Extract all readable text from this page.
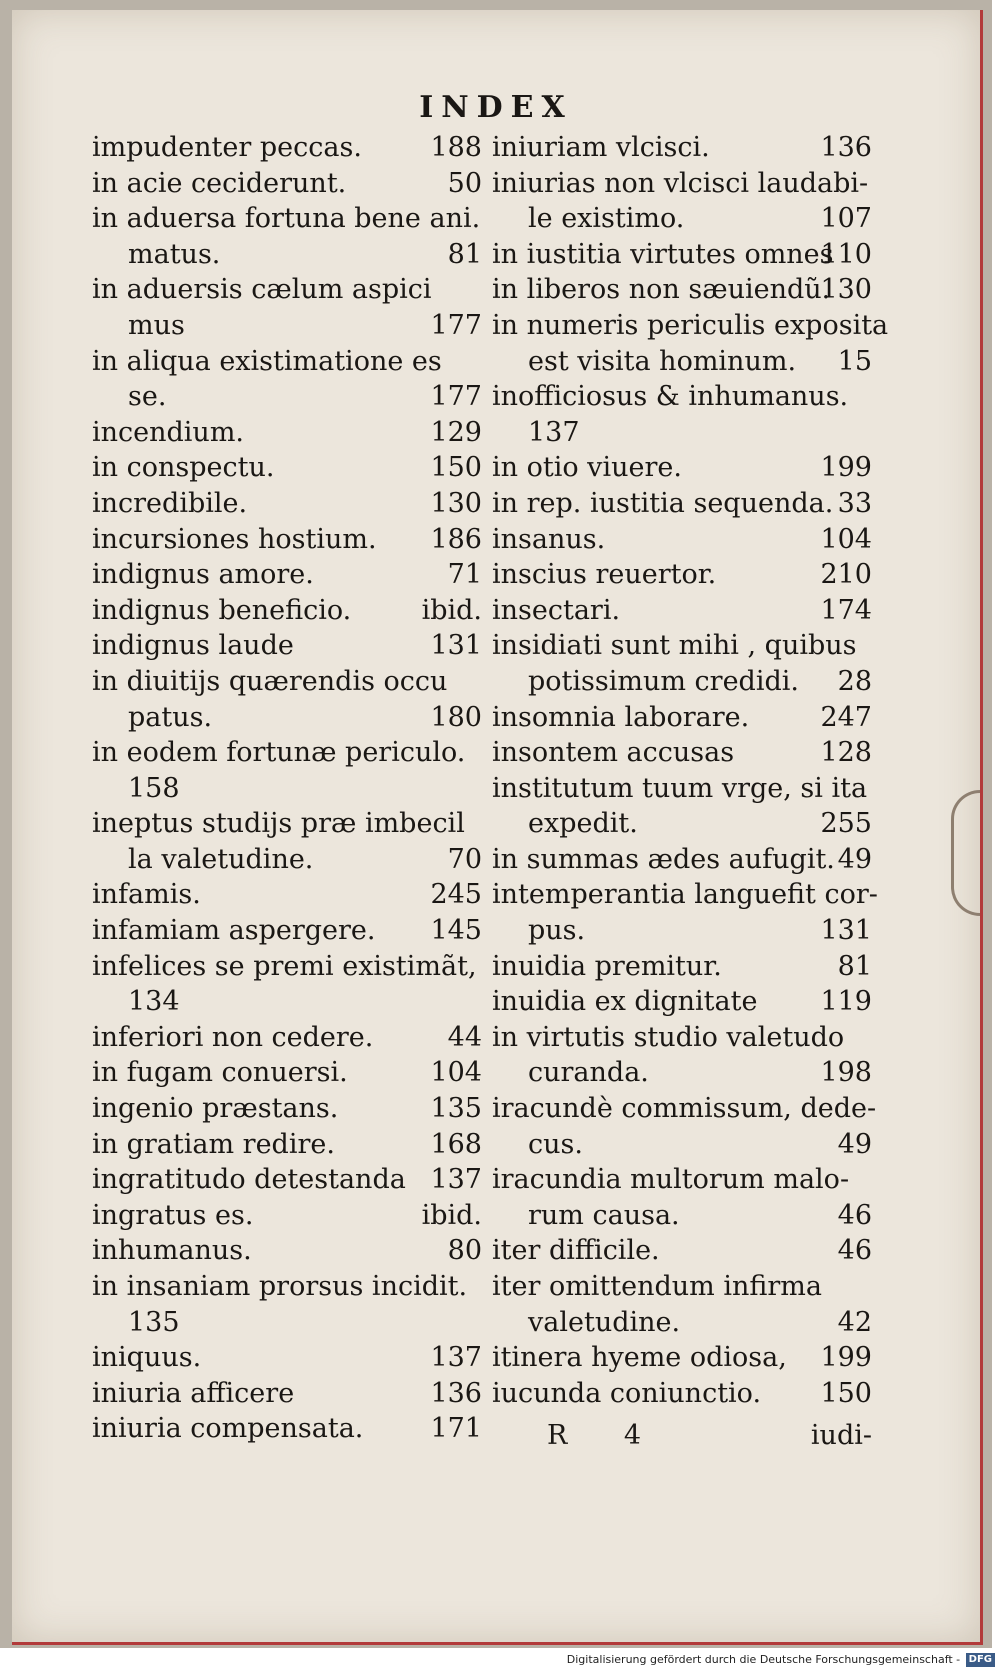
INDEX
impudenter peccas.	188
in acie ceciderunt.	50
in aduersa fortuna bene ani.
matus.	81
in aduersis cælum aspici
mus	177
in aliqua existimatione es
se.	177
incendium.	129
in conspectu.	150
incredibile.	130
incursiones hostium. 186
indignus amore.	71
indignus beneficio.	ibid.
indignus laude	131
in diuitijs quærendis occu
patus.	180
in eodem fortunæ periculo.
158
ineptus studijs præ imbecil
la valetudine.	70
infamis.	245
infamiam aspergere. 145
infelices se premi existimãt,
134
inferiori non cedere.	44
in fugam conuersi.	104
ingenio præstans.	135
in gratiam redire.	168
ingratitudo detestanda 137
ingratus es.	ibid.
inhumanus.	80
in insaniam prorsus incidit.
135
iniquus.	137
iniuria afficere	136
iniuria compensata. 171
iniuriam vlcisci.	136
iniurias non vlcisci laudabi-
le existimo.	107
in iustitia virtutes omnes
110
in liberos non sæuiendũ.
130
in numeris periculis exposita
est visita hominum. 15
inofficiosus & inhumanus.
137
in otio viuere.	199
in rep. iustitia sequenda. 33
insanus.	104
inscius reuertor.	210
insectari.	174
insidiati sunt mihi , quibus
potissimum credidi. 28
insomnia laborare.	247
insontem accusas	128
institutum tuum vrge, si ita
expedit.	255
in summas ædes aufugit. 49
intemperantia languefit cor-
pus.	131
inuidia premitur.	81
inuidia ex dignitate 119
in virtutis studio valetudo
curanda.	198
iracundè commissum, dede-
cus.	49
iracundia multorum malo-
rum causa.	46
iter difficile.	46
iter omittendum infirma
valetudine.	42
itinera hyeme odiosa, 199
iucunda coniunctio. 150
R 4	iudi-
Digitalisierung gefördert durch die Deutsche Forschungsgemeinschaft - DFG
